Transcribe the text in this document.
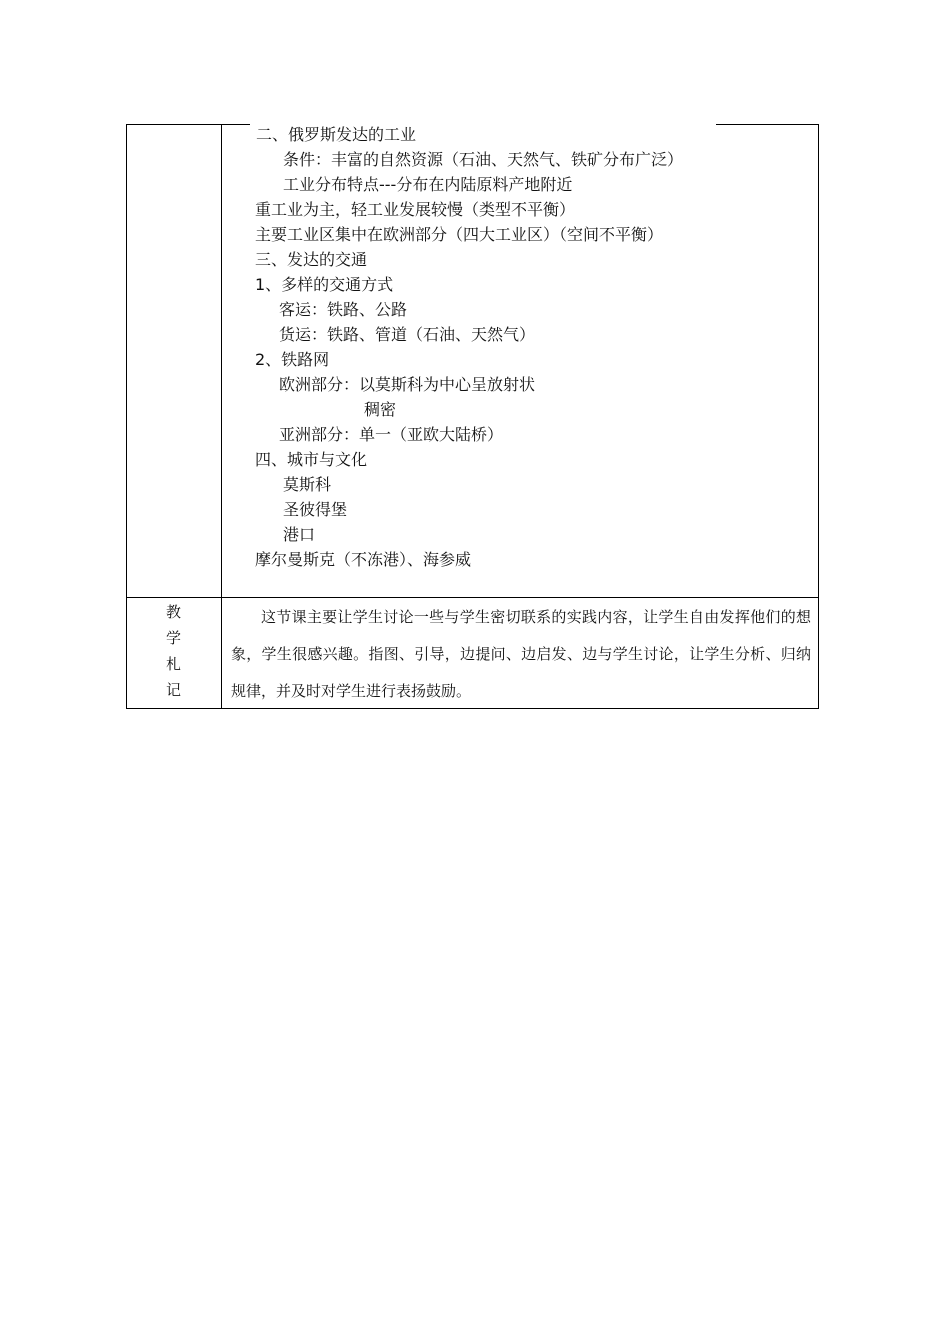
二、俄罗斯发达的工业
条件：丰富的自然资源（石油、天然气、铁矿分布广泛）
工业分布特点---分布在内陆原料产地附近
重工业为主，轻工业发展较慢（类型不平衡）
主要工业区集中在欧洲部分（四大工业区）（空间不平衡）
三、发达的交通
1、多样的交通方式
客运：铁路、公路
货运：铁路、管道（石油、天然气）
2、铁路网
欧洲部分：以莫斯科为中心呈放射状
稠密
亚洲部分：单一（亚欧大陆桥）
四、城市与文化
莫斯科
圣彼得堡
港口
摩尔曼斯克（不冻港）、海参威
教
学
札
记
这节课主要让学生讨论一些与学生密切联系的实践内容，让学生自由发挥他们的想象，学生很感兴趣。指图、引导，边提问、边启发、边与学生讨论，让学生分析、归纳规律，并及时对学生进行表扬鼓励。
